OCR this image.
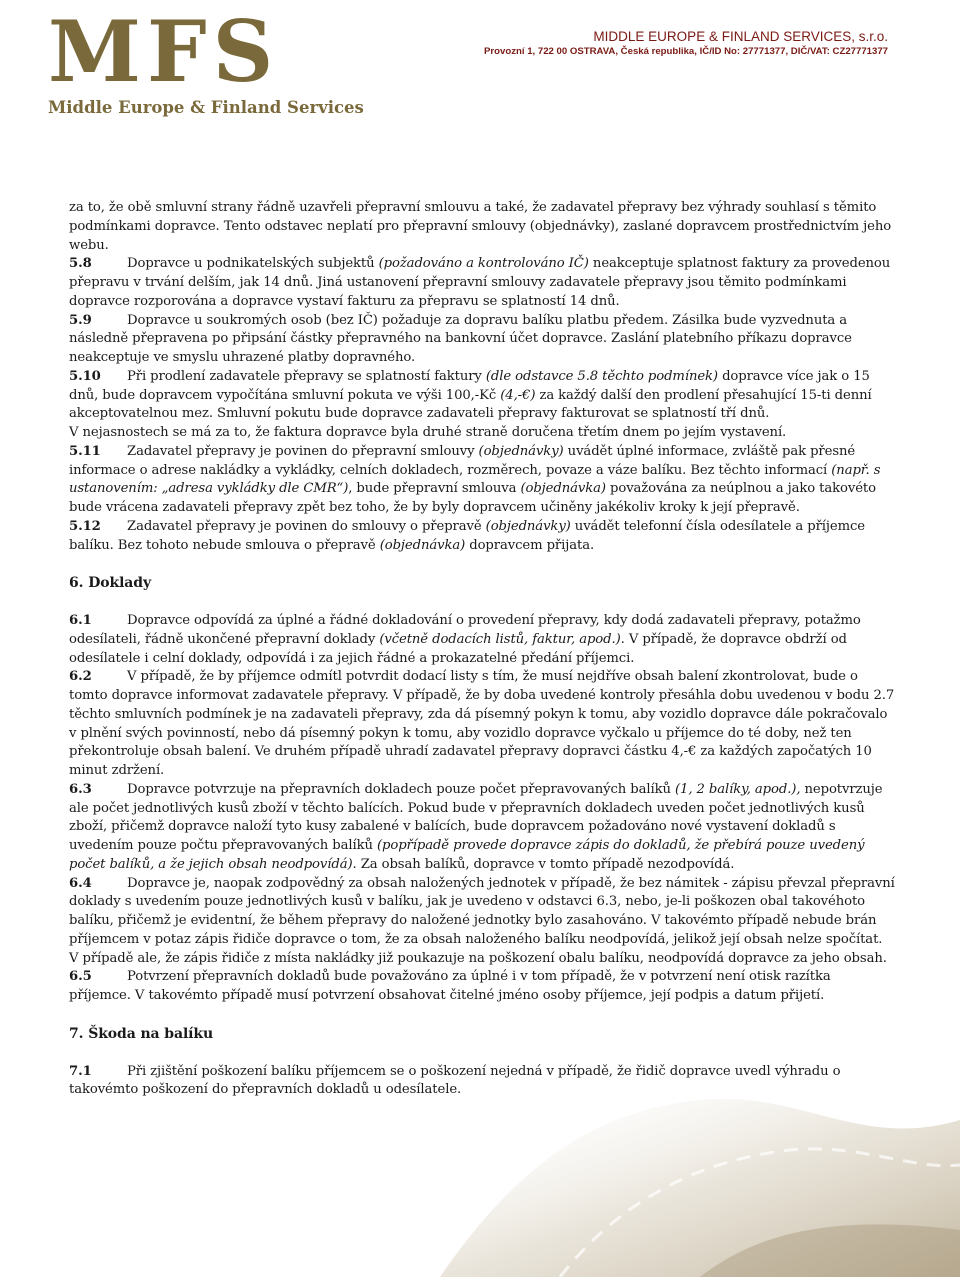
MFS
Middle Europe & Finland Services
MIDDLE EUROPE & FINLAND SERVICES, s.r.o.
Provozní 1, 722 00 OSTRAVA, Česká republika, IČ/ID No: 27771377, DIČ/VAT: CZ27771377

za to, že obě smluvní strany řádně uzavřeli přepravní smlouvu a také, že zadavatel přepravy bez výhrady souhlasí s těmito podmínkami dopravce. Tento odstavec neplatí pro přepravní smlouvy (objednávky), zaslané dopravcem prostřednictvím jeho webu.

5.8	Dopravce u podnikatelských subjektů (požadováno a kontrolováno IČ) neakceptuje splatnost faktury za provedenou přepravu v trvání delším, jak 14 dnů. Jiná ustanovení přepravní smlouvy zadavatele přepravy jsou těmito podmínkami dopravce rozporována a dopravce vystaví fakturu za přepravu se splatností 14 dnů.

5.9	Dopravce u soukromých osob (bez IČ) požaduje za dopravu balíku platbu předem. Zásilka bude vyzvednuta a následně přepravena po připsání částky přepravného na bankovní účet dopravce. Zaslání platebního příkazu dopravce neakceptuje ve smyslu uhrazené platby dopravného.

5.10 Při prodlení zadavatele přepravy se splatností faktury (dle odstavce 5.8 těchto podmínek) dopravce více jak o 15 dnů, bude dopravcem vypočítána smluvní pokuta ve výši 100,-Kč (4,-€) za každý další den prodlení přesahující 15-ti denní akceptovatelnou mez. Smluvní pokutu bude dopravce zadavateli přepravy fakturovat se splatností tří dnů.

V nejasnostech se má za to, že faktura dopravce byla druhé straně doručena třetím dnem po jejím vystavení.

5.11 Zadavatel přepravy je povinen do přepravní smlouvy (objednávky) uvádět úplné informace, zvláště pak přesné informace o adrese nakládky a vykládky, celních dokladech, rozměrech, povaze a váze balíku. Bez těchto informací (např. s ustanovením: „adresa vykládky dle CMR“), bude přepravní smlouva (objednávka) považována za neúplnou a jako takovéto bude vrácena zadavateli přepravy zpět bez toho, že by byly dopravcem učiněny jakékoliv kroky k její přepravě.

5.12 Zadavatel přepravy je povinen do smlouvy o přepravě (objednávky) uvádět telefonní čísla odesílatele a příjemce balíku. Bez tohoto nebude smlouva o přepravě (objednávka) dopravcem přijata.

6. Doklady

6.1	Dopravce odpovídá za úplné a řádné dokladování o provedení přepravy, kdy dodá zadavateli přepravy, potažmo odesílateli, řádně ukončené přepravní doklady (včetně dodacích listů, faktur, apod.). V případě, že dopravce obdrží od odesílatele i celní doklady, odpovídá i za jejich řádné a prokazatelné předání příjemci.

6.2	V případě, že by příjemce odmítl potvrdit dodací listy s tím, že musí nejdříve obsah balení zkontrolovat, bude o tomto dopravce informovat zadavatele přepravy. V případě, že by doba uvedené kontroly přesáhla dobu uvedenou v bodu 2.7 těchto smluvních podmínek je na zadavateli přepravy, zda dá písemný pokyn k tomu, aby vozidlo dopravce dále pokračovalo v plnění svých povinností, nebo dá písemný pokyn k tomu, aby vozidlo dopravce vyčkalo u příjemce do té doby, než ten překontroluje obsah balení. Ve druhém případě uhradí zadavatel přepravy dopravci částku 4,-€ za každých započatých 10 minut zdržení.

6.3	Dopravce potvrzuje na přepravních dokladech pouze počet přepravovaných balíků (1, 2 balíky, apod.), nepotvrzuje ale počet jednotlivých kusů zboží v těchto balících. Pokud bude v přepravních dokladech uveden počet jednotlivých kusů zboží, přičemž dopravce naloží tyto kusy zabalené v balících, bude dopravcem požadováno nové vystavení dokladů s uvedením pouze počtu přepravovaných balíků (popřípadě provede dopravce zápis do dokladů, že přebírá pouze uvedený počet balíků, a že jejich obsah neodpovídá). Za obsah balíků, dopravce v tomto případě nezodpovídá.

6.4	Dopravce je, naopak zodpovědný za obsah naložených jednotek v případě, že bez námitek - zápisu převzal přepravní doklady s uvedením pouze jednotlivých kusů v balíku, jak je uvedeno v odstavci 6.3, nebo, je-li poškozen obal takovéhoto balíku, přičemž je evidentní, že během přepravy do naložené jednotky bylo zasahováno. V takovémto případě nebude brán příjemcem v potaz zápis řidiče dopravce o tom, že za obsah naloženého balíku neodpovídá, jelikož její obsah nelze spočítat. V případě ale, že zápis řidiče z místa nakládky již poukazuje na poškození obalu balíku, neodpovídá dopravce za jeho obsah.

6.5	Potvrzení přepravních dokladů bude považováno za úplné i v tom případě, že v potvrzení není otisk razítka příjemce. V takovémto případě musí potvrzení obsahovat čitelné jméno osoby příjemce, její podpis a datum přijetí.

7. Škoda na balíku

7.1	Při zjištění poškození balíku příjemcem se o poškození nejedná v případě, že řidič dopravce uvedl výhradu o takovémto poškození do přepravních dokladů u odesílatele.
